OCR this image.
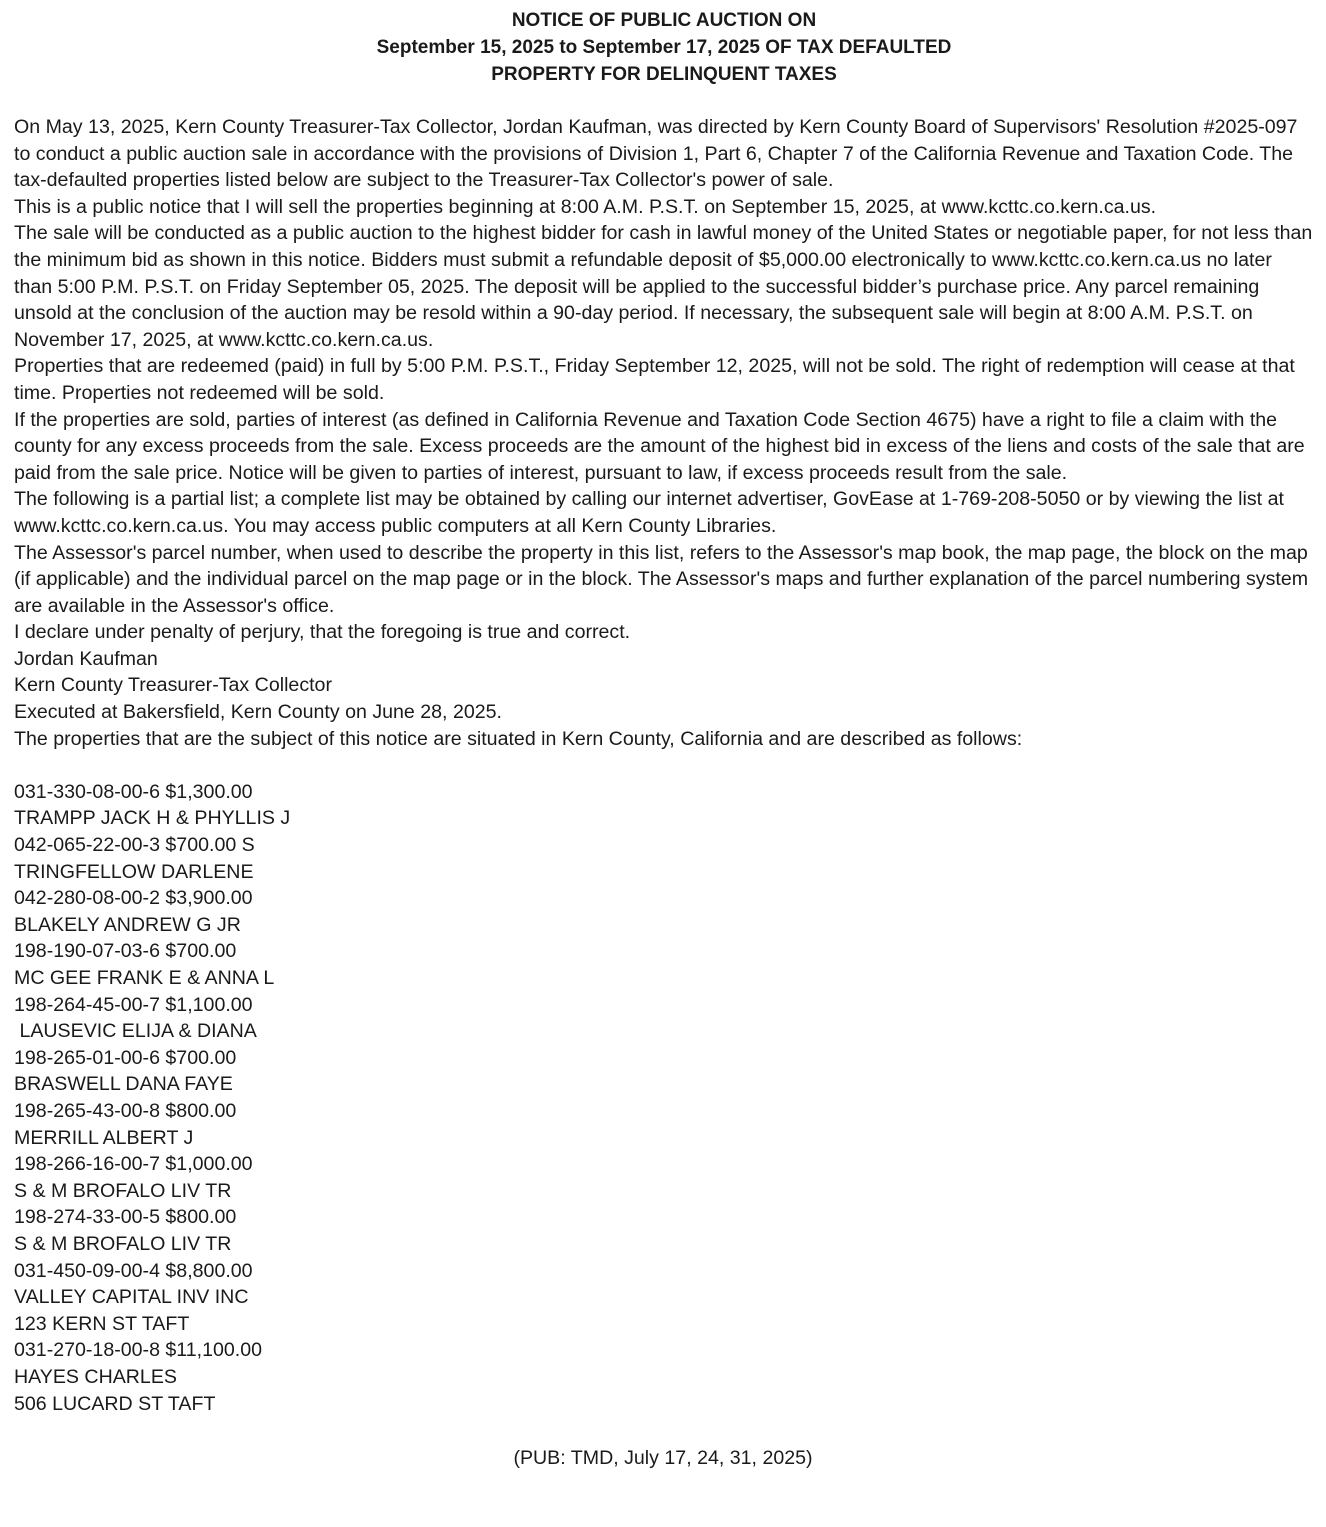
NOTICE OF PUBLIC AUCTION ON
September 15, 2025 to September 17, 2025 OF TAX DEFAULTED
PROPERTY FOR DELINQUENT TAXES

On May 13, 2025, Kern County Treasurer-Tax Collector, Jordan Kaufman, was directed by Kern County Board of Supervisors' Resolution #2025-097 to conduct a public auction sale in accordance with the provisions of Division 1, Part 6, Chapter 7 of the California Revenue and Taxation Code. The tax-defaulted properties listed below are subject to the Treasurer-Tax Collector's power of sale.

This is a public notice that I will sell the properties beginning at 8:00 A.M. P.S.T. on September 15, 2025, at www.kcttc.co.kern.ca.us.

The sale will be conducted as a public auction to the highest bidder for cash in lawful money of the United States or negotiable paper, for not less than the minimum bid as shown in this notice. Bidders must submit a refundable deposit of $5,000.00 electronically to www.kcttc.co.kern.ca.us no later than 5:00 P.M. P.S.T. on Friday September 05, 2025. The deposit will be applied to the successful bidder’s purchase price. Any parcel remaining unsold at the conclusion of the auction may be resold within a 90-day period. If necessary, the subsequent sale will begin at 8:00 A.M. P.S.T. on November 17, 2025, at www.kcttc.co.kern.ca.us.

Properties that are redeemed (paid) in full by 5:00 P.M. P.S.T., Friday September 12, 2025, will not be sold. The right of redemption will cease at that time. Properties not redeemed will be sold.

If the properties are sold, parties of interest (as defined in California Revenue and Taxation Code Section 4675) have a right to file a claim with the county for any excess proceeds from the sale. Excess proceeds are the amount of the highest bid in excess of the liens and costs of the sale that are paid from the sale price. Notice will be given to parties of interest, pursuant to law, if excess proceeds result from the sale.

The following is a partial list; a complete list may be obtained by calling our internet advertiser, GovEase at 1-769-208-5050 or by viewing the list at www.kcttc.co.kern.ca.us. You may access public computers at all Kern County Libraries.

The Assessor's parcel number, when used to describe the property in this list, refers to the Assessor's map book, the map page, the block on the map (if applicable) and the individual parcel on the map page or in the block. The Assessor's maps and further explanation of the parcel numbering system are available in the Assessor's office.

I declare under penalty of perjury, that the foregoing is true and correct.

Jordan Kaufman

Kern County Treasurer-Tax Collector

Executed at Bakersfield, Kern County on June 28, 2025.

The properties that are the subject of this notice are situated in Kern County, California and are described as follows:

031-330-08-00-6 $1,300.00
TRAMPP JACK H & PHYLLIS J
042-065-22-00-3 $700.00 S
TRINGFELLOW DARLENE
042-280-08-00-2 $3,900.00
BLAKELY ANDREW G JR
198-190-07-03-6 $700.00
MC GEE FRANK E & ANNA L
198-264-45-00-7 $1,100.00
LAUSEVIC ELIJA & DIANA
198-265-01-00-6 $700.00
BRASWELL DANA FAYE
198-265-43-00-8 $800.00
MERRILL ALBERT J
198-266-16-00-7 $1,000.00
S & M BROFALO LIV TR
198-274-33-00-5 $800.00
S & M BROFALO LIV TR
031-450-09-00-4 $8,800.00
VALLEY CAPITAL INV INC
123 KERN ST TAFT
031-270-18-00-8 $11,100.00
HAYES CHARLES
506 LUCARD ST TAFT
(PUB: TMD, July 17, 24, 31, 2025)
